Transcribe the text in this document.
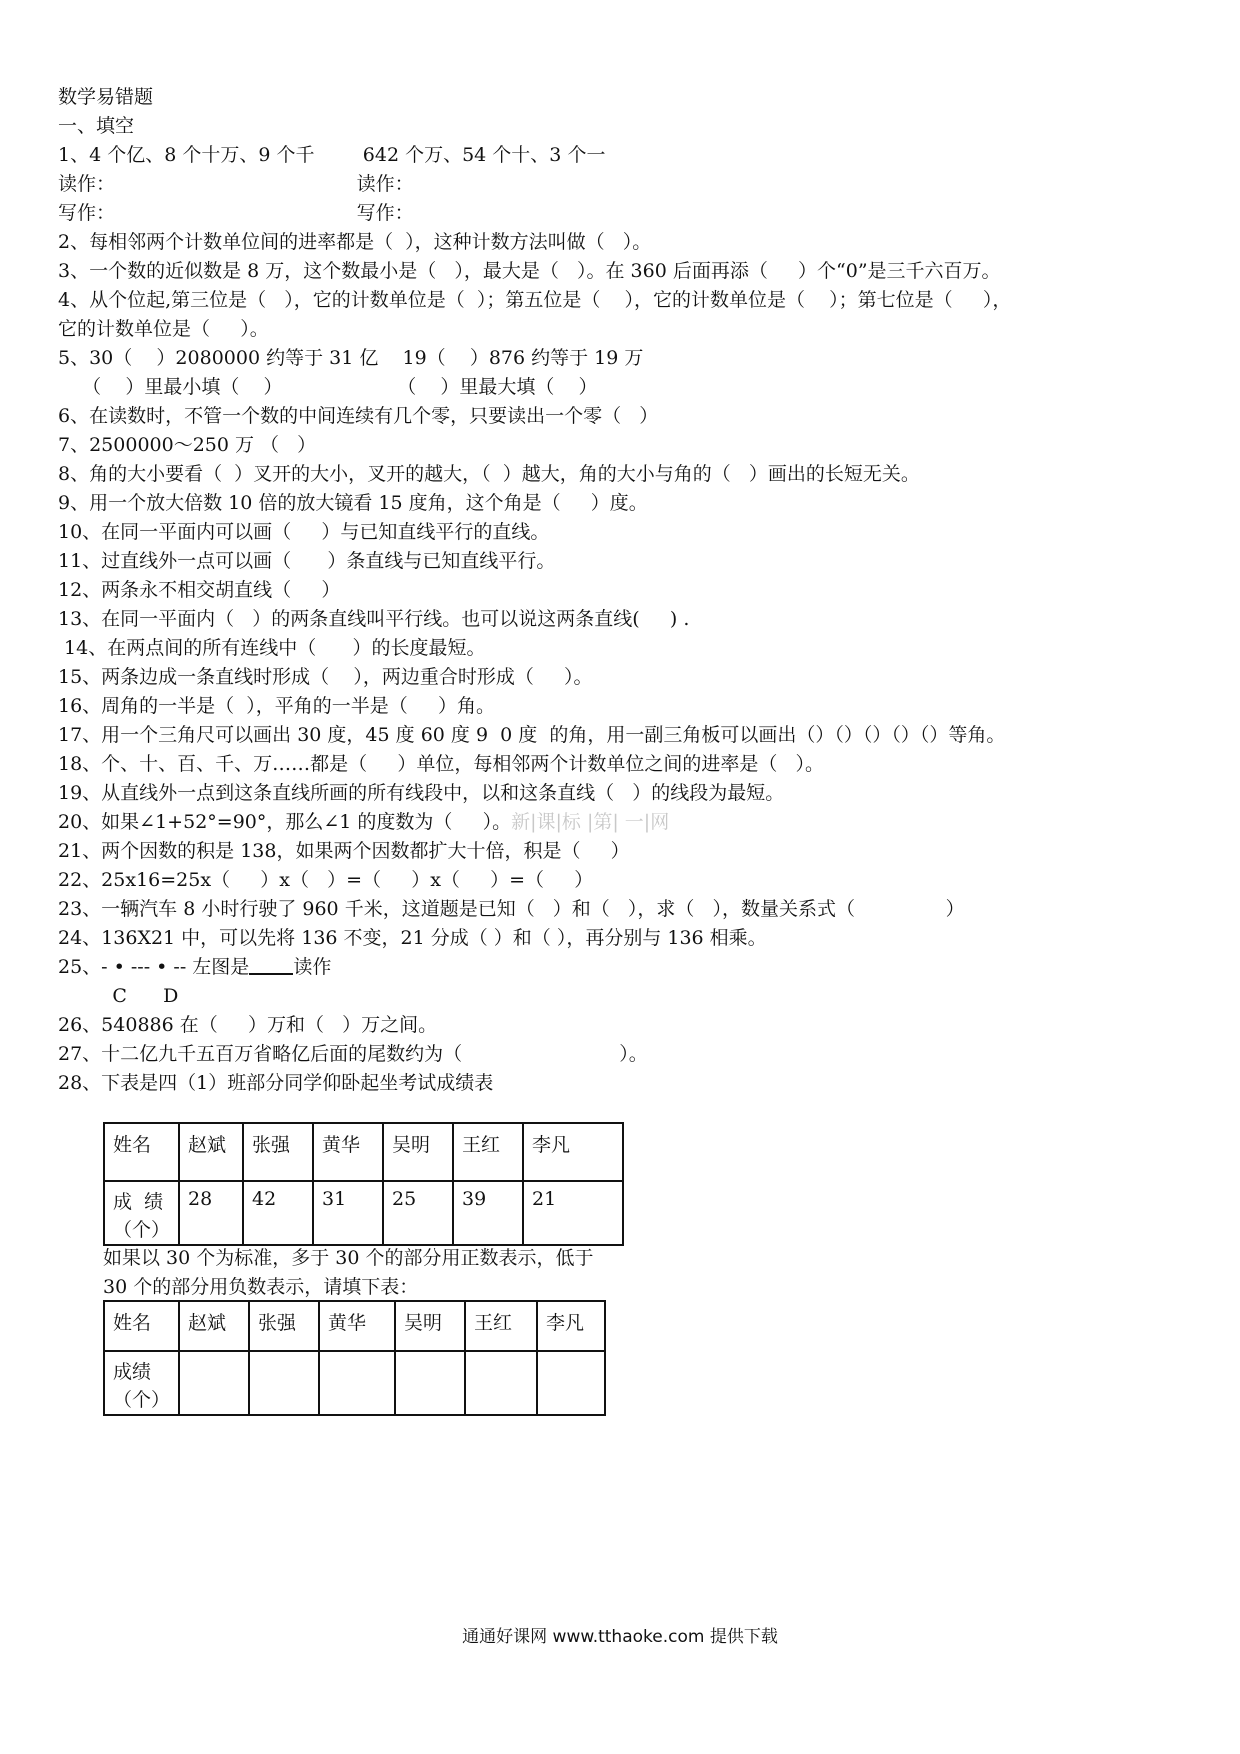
数学易错题
一、填空
1、4 个亿、8 个十万、9 个千        642 个万、54 个十、3 个一
读作：                                        读作：
写作：                                        写作：
2、每相邻两个计数单位间的进率都是（  ），这种计数方法叫做（   ）。
3、一个数的近似数是 8 万，这个数最小是（   ），最大是（   ）。在 360 后面再添（     ）个“0”是三千六百万。
4、从个位起,第三位是（   ），它的计数单位是（  ）；第五位是（    ），它的计数单位是（    ）；第七位是（     ），
它的计数单位是（     ）。
5、30（    ）2080000 约等于 31 亿    19（    ）876 约等于 19 万
（    ）里最小填（    ）                   （    ）里最大填（    ）
6、在读数时，不管一个数的中间连续有几个零，只要读出一个零（   ）
7、2500000～250 万 （   ）
8、角的大小要看（  ）叉开的大小，叉开的越大，（  ）越大，角的大小与角的（   ）画出的长短无关。
9、用一个放大倍数 10 倍的放大镜看 15 度角，这个角是（     ）度。
10、在同一平面内可以画（     ）与已知直线平行的直线。
11、过直线外一点可以画（      ）条直线与已知直线平行。
12、两条永不相交胡直线（     ）
13、在同一平面内（   ）的两条直线叫平行线。也可以说这两条直线(     ) .
14、在两点间的所有连线中（      ）的长度最短。
15、两条边成一条直线时形成（    ），两边重合时形成（     ）。
16、周角的一半是（  ），平角的一半是（     ）角。
17、用一个三角尺可以画出 30 度，45 度 60 度 9  0 度  的角，用一副三角板可以画出（）（）（）（）（）等角。
18、个、十、百、千、万……都是（     ）单位，每相邻两个计数单位之间的进率是（   ）。
19、从直线外一点到这条直线所画的所有线段中，以和这条直线（   ）的线段为最短。
20、如果∠1+52°=90°，那么∠1 的度数为（     ）。新|课|标 |第| 一|网
21、两个因数的积是 138，如果两个因数都扩大十倍，积是（     ）
22、25x16=25x（     ）x（   ）=（     ）x（     ）=（     ）
23、一辆汽车 8 小时行驶了 960 千米，这道题是已知（   ）和（   ），求（   ），数量关系式（               ）
24、136X21 中，可以先将 136 不变，21 分成（ ）和（ ），再分别与 136 相乘。
25、- • --- • -- 左图是 读作
C      D
26、540886 在（     ）万和（   ）万之间。
27、十二亿九千五百万省略亿后面的尾数约为（                          ）。
28、下表是四（1）班部分同学仰卧起坐考试成绩表
姓名	赵斌	张强	黄华	吴明	王红	李凡

成  绩
（个）	28	42	31	25	39	21
如果以 30 个为标准，多于 30 个的部分用正数表示，低于
30 个的部分用负数表示，请填下表：
姓名	赵斌	张强	黄华	吴明	王红	李凡

成绩
（个）						

通通好课网 www.tthaoke.com 提供下载
